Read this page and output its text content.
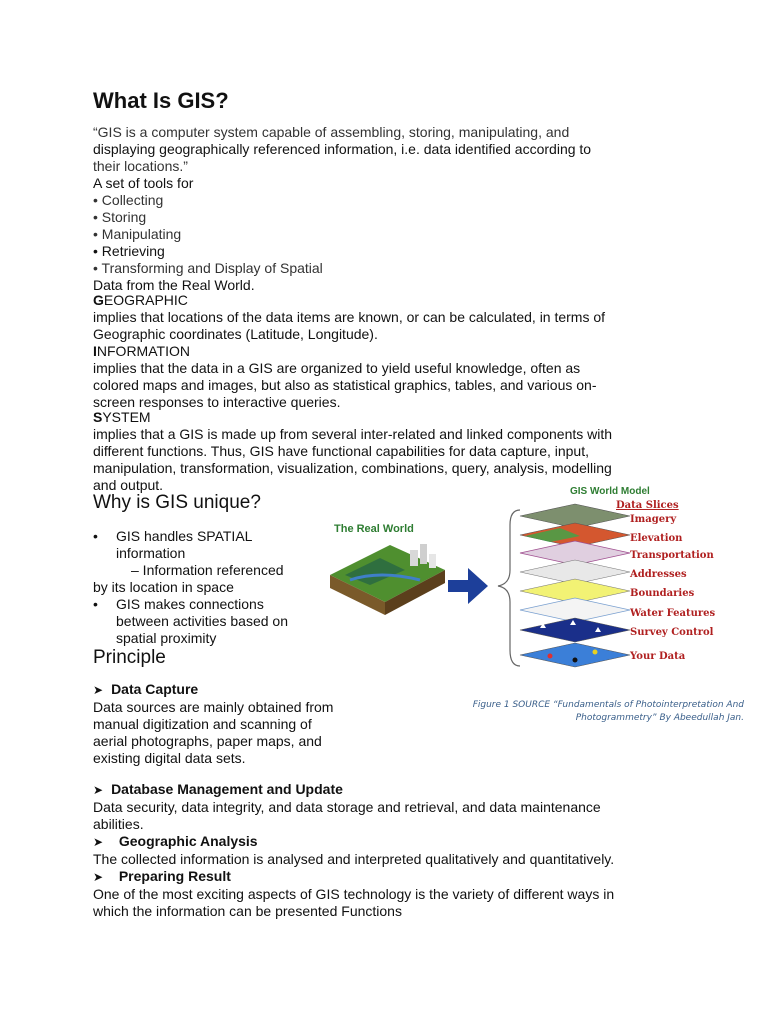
What Is GIS?
“GIS is a computer system capable of assembling, storing, manipulating, and
displaying geographically referenced information, i.e. data identified according to
their locations.”
A set of tools for
• Collecting
• Storing
• Manipulating
• Retrieving
• Transforming and Display of Spatial
Data from the Real World.
GEOGRAPHIC
implies that locations of the data items are known, or can be calculated, in terms of
Geographic coordinates (Latitude, Longitude).
INFORMATION
implies that the data in a GIS are organized to yield useful knowledge, often as
colored maps and images, but also as statistical graphics, tables, and various on-
screen responses to interactive queries.
SYSTEM
implies that a GIS is made up from several inter-related and linked components with
different functions. Thus, GIS have functional capabilities for data capture, input,
manipulation, transformation, visualization, combinations, query, analysis, modelling
and output.
Why is GIS unique?
• GIS handles SPATIAL
information
– Information referenced
by its location in space
• GIS makes connections
between activities based on
spatial proximity
Principle
➤ Data Capture
Data sources are mainly obtained from
manual digitization and scanning of
aerial photographs, paper maps, and
existing digital data sets.
➤ Database Management and Update
Data security, data integrity, and data storage and retrieval, and data maintenance
abilities.
➤ Geographic Analysis
The collected information is analysed and interpreted qualitatively and quantitatively.
➤ Preparing Result
One of the most exciting aspects of GIS technology is the variety of different ways in
which the information can be presented Functions
The Real World
GIS World Model
Data Slices
Imagery
Elevation
Transportation
Addresses
Boundaries
Water Features
Survey Control
Your Data
Figure 1 SOURCE “Fundamentals of Photointerpretation And
Photogrammetry” By Abeedullah Jan.
